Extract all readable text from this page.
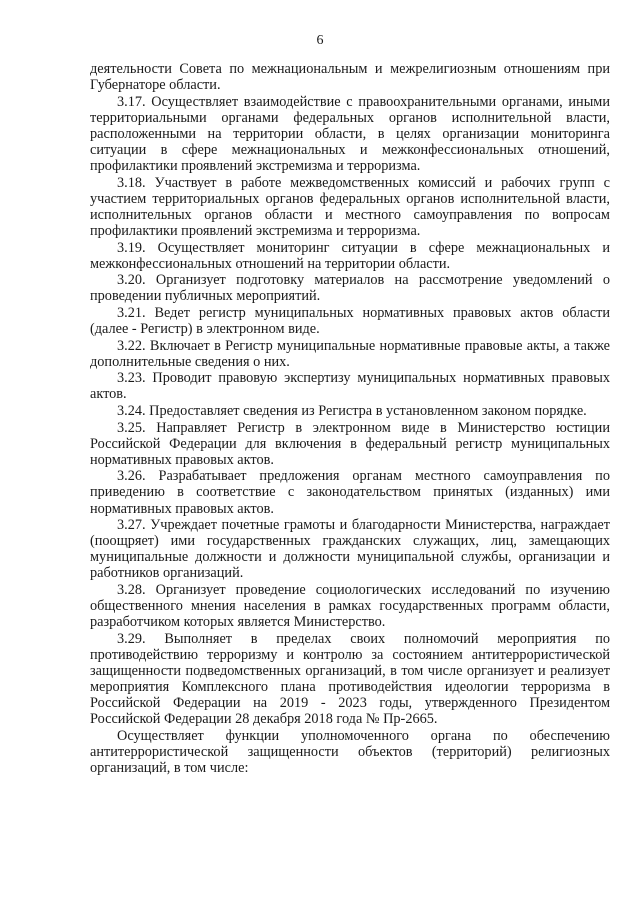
6

деятельности Совета по межнациональным и межрелигиозным отношениям при Губернаторе области.

3.17. Осуществляет взаимодействие с правоохранительными органами, иными территориальными органами федеральных органов исполнительной власти, расположенными на территории области, в целях организации мониторинга ситуации в сфере межнациональных и межконфессиональных отношений, профилактики проявлений экстремизма и терроризма.

3.18. Участвует в работе межведомственных комиссий и рабочих групп с участием территориальных органов федеральных органов исполнительной власти, исполнительных органов области и местного самоуправления по вопросам профилактики проявлений экстремизма и терроризма.

3.19. Осуществляет мониторинг ситуации в сфере межнациональных и межконфессиональных отношений на территории области.

3.20. Организует подготовку материалов на рассмотрение уведомлений о проведении публичных мероприятий.

3.21. Ведет регистр муниципальных нормативных правовых актов области (далее - Регистр) в электронном виде.

3.22. Включает в Регистр муниципальные нормативные правовые акты, а также дополнительные сведения о них.

3.23. Проводит правовую экспертизу муниципальных нормативных правовых актов.

3.24. Предоставляет сведения из Регистра в установленном законом порядке.

3.25. Направляет Регистр в электронном виде в Министерство юстиции Российской Федерации для включения в федеральный регистр муниципальных нормативных правовых актов.

3.26. Разрабатывает предложения органам местного самоуправления по приведению в соответствие с законодательством принятых (изданных) ими нормативных правовых актов.

3.27. Учреждает почетные грамоты и благодарности Министерства, награждает (поощряет) ими государственных гражданских служащих, лиц, замещающих муниципальные должности и должности муниципальной службы, организации и работников организаций.

3.28. Организует проведение социологических исследований по изучению общественного мнения населения в рамках государственных программ области, разработчиком которых является Министерство.

3.29. Выполняет в пределах своих полномочий мероприятия по противодействию терроризму и контролю за состоянием антитеррористической защищенности подведомственных организаций, в том числе организует и реализует мероприятия Комплексного плана противодействия идеологии терроризма в Российской Федерации на 2019 - 2023 годы, утвержденного Президентом Российской Федерации 28 декабря 2018 года № Пр-2665.

Осуществляет функции уполномоченного органа по обеспечению антитеррористической защищенности объектов (территорий) религиозных организаций, в том числе:
